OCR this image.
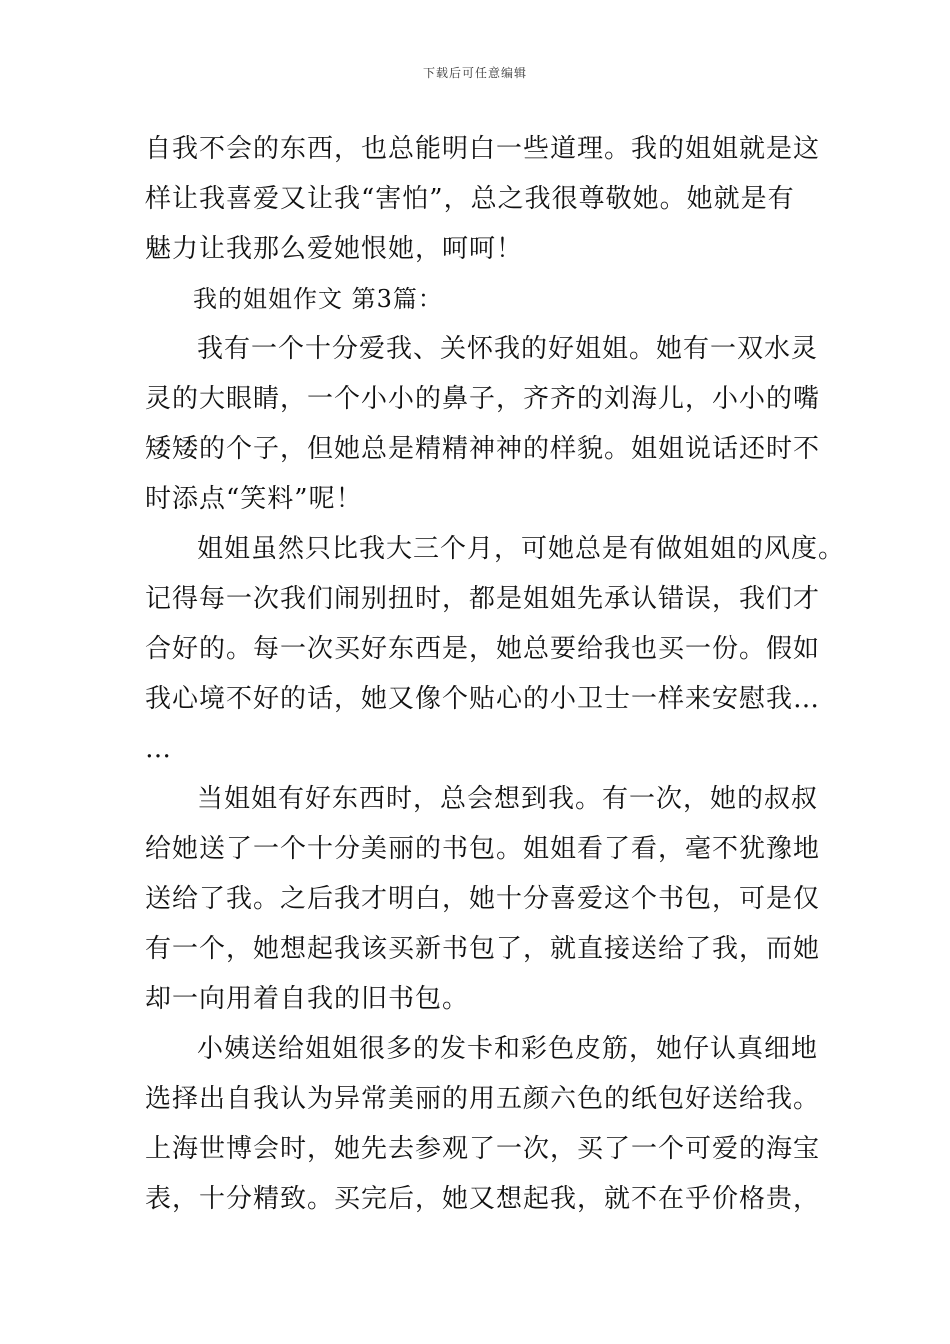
下载后可任意编辑
自我不会的东西，也总能明白一些道理。我的姐姐就是这
样让我喜爱又让我“害怕”，总之我很尊敬她。她就是有
魅力让我那么爱她恨她，呵呵！
我的姐姐作文 第3篇：
我有一个十分爱我、关怀我的好姐姐。她有一双水灵
灵的大眼睛，一个小小的鼻子，齐齐的刘海儿，小小的嘴
矮矮的个子，但她总是精精神神的样貌。姐姐说话还时不
时添点“笑料”呢！
姐姐虽然只比我大三个月，可她总是有做姐姐的风度。
记得每一次我们闹别扭时，都是姐姐先承认错误，我们才
合好的。每一次买好东西是，她总要给我也买一份。假如
我心境不好的话，她又像个贴心的小卫士一样来安慰我…
…
当姐姐有好东西时，总会想到我。有一次，她的叔叔
给她送了一个十分美丽的书包。姐姐看了看，毫不犹豫地
送给了我。之后我才明白，她十分喜爱这个书包，可是仅
有一个，她想起我该买新书包了，就直接送给了我，而她
却一向用着自我的旧书包。
小姨送给姐姐很多的发卡和彩色皮筋，她仔认真细地
选择出自我认为异常美丽的用五颜六色的纸包好送给我。
上海世博会时，她先去参观了一次，买了一个可爱的海宝
表，十分精致。买完后，她又想起我，就不在乎价格贵，
